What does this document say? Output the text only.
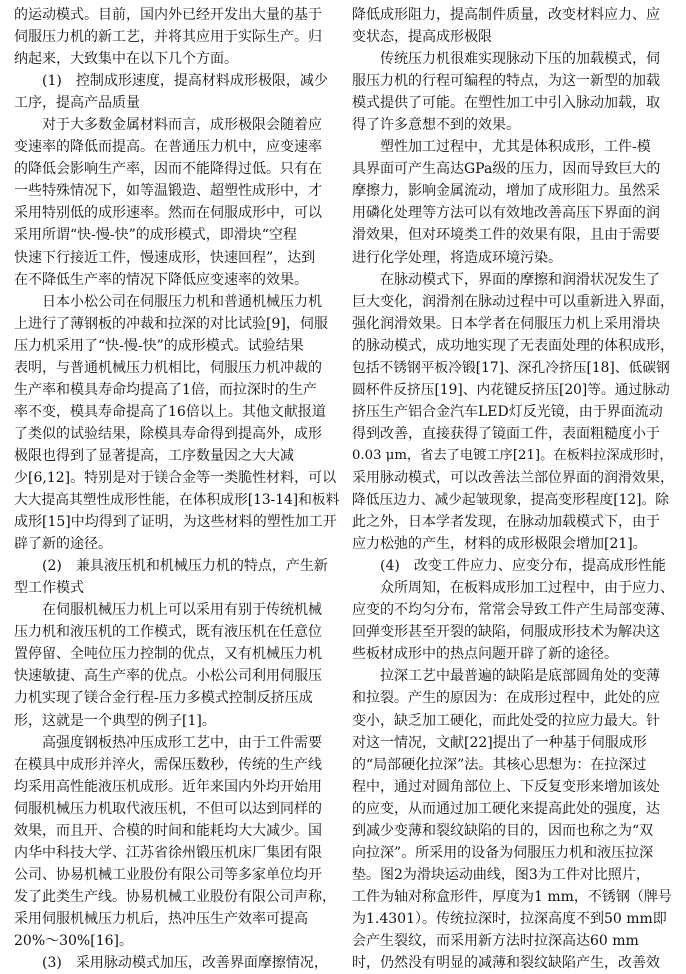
的运动模式。目前，国内外已经开发出大量的基于
伺服压力机的新工艺，并将其应用于实际生产。归
纳起来，大致集中在以下几个方面。
　　(1)　控制成形速度，提高材料成形极限，减少
工序，提高产品质量
　　对于大多数金属材料而言，成形极限会随着应
变速率的降低而提高。在普通压力机中，应变速率
的降低会影响生产率，因而不能降得过低。只有在
一些特殊情况下，如等温锻造、超塑性成形中，才
采用特别低的成形速率。然而在伺服成形中，可以
采用所谓“快-慢-快”的成形模式，即滑块“空程
快速下行接近工件，慢速成形，快速回程”，达到
在不降低生产率的情况下降低应变速率的效果。
　　日本小松公司在伺服压力机和普通机械压力机
上进行了薄钢板的冲裁和拉深的对比试验[9]，伺服
压力机采用了“快-慢-快”的成形模式。试验结果
表明，与普通机械压力机相比，伺服压力机冲裁的
生产率和模具寿命均提高了1倍，而拉深时的生产
率不变，模具寿命提高了16倍以上。其他文献报道
了类似的试验结果，除模具寿命得到提高外，成形
极限也得到了显著提高，工序数量因之大大减
少[6,12]。特别是对于镁合金等一类脆性材料，可以
大大提高其塑性成形性能，在体积成形[13-14]和板料
成形[15]中均得到了证明，为这些材料的塑性加工开
辟了新的途径。
　　(2)　兼具液压机和机械压力机的特点，产生新
型工作模式
　　在伺服机械压力机上可以采用有别于传统机械
压力机和液压机的工作模式，既有液压机在任意位
置停留、全吨位压力控制的优点，又有机械压力机
快速敏捷、高生产率的优点。小松公司利用伺服压
力机实现了镁合金行程-压力多模式控制反挤压成
形，这就是一个典型的例子[1]。
　　高强度钢板热冲压成形工艺中，由于工件需要
在模具中成形并淬火，需保压数秒，传统的生产线
均采用高性能液压机成形。近年来国内外均开始用
伺服机械压力机取代液压机，不但可以达到同样的
效果，而且开、合模的时间和能耗均大大减少。国
内华中科技大学、江苏省徐州锻压机床厂集团有限
公司、协易机械工业股份有限公司等多家单位均开
发了此类生产线。协易机械工业股份有限公司声称，
采用伺服机械压力机后，热冲压生产效率可提高
20%～30%[16]。
　　(3)　采用脉动模式加压，改善界面摩擦情况，
降低成形阻力，提高制件质量，改变材料应力、应
变状态，提高成形极限
　　传统压力机很难实现脉动下压的加载模式，伺
服压力机的行程可编程的特点，为这一新型的加载
模式提供了可能。在塑性加工中引入脉动加载，取
得了许多意想不到的效果。
　　塑性加工过程中，尤其是体积成形，工件-模
具界面可产生高达GPa级的压力，因而导致巨大的
摩擦力，影响金属流动，增加了成形阻力。虽然采
用磷化处理等方法可以有效地改善高压下界面的润
滑效果，但对环境类工件的效果有限，且由于需要
进行化学处理，将造成环境污染。
　　在脉动模式下，界面的摩擦和润滑状况发生了
巨大变化，润滑剂在脉动过程中可以重新进入界面，
强化润滑效果。日本学者在伺服压力机上采用滑块
的脉动模式，成功地实现了无表面处理的体积成形，
包括不锈钢平板冷锻[17]、深孔冷挤压[18]、低碳钢
圆杯件反挤压[19]、内花键反挤压[20]等。通过脉动
挤压生产铝合金汽车LED灯反光镜，由于界面流动
得到改善，直接获得了镜面工件，表面粗糙度小于
0.03 μm，省去了电镀工序[21]。在板料拉深成形时，
采用脉动模式，可以改善法兰部位界面的润滑效果，
降低压边力、减少起皱现象，提高变形程度[12]。除
此之外，日本学者发现，在脉动加载模式下，由于
应力松弛的产生，材料的成形极限会增加[21]。
　　(4)　改变工件应力、应变分布，提高成形性能
　　众所周知，在板料成形加工过程中，由于应力、
应变的不均匀分布，常常会导致工件产生局部变薄、
回弹变形甚至开裂的缺陷，伺服成形技术为解决这
些板材成形中的热点问题开辟了新的途径。
　　拉深工艺中最普遍的缺陷是底部圆角处的变薄
和拉裂。产生的原因为：在成形过程中，此处的应
变小，缺乏加工硬化，而此处受的拉应力最大。针
对这一情况，文献[22]提出了一种基于伺服成形
的“局部硬化拉深”法。其核心思想为：在拉深过
程中，通过对圆角部位上、下反复变形来增加该处
的应变，从而通过加工硬化来提高此处的强度，达
到减少变薄和裂纹缺陷的目的，因而也称之为“双
向拉深”。所采用的设备为伺服压力机和液压拉深
垫。图2为滑块运动曲线，图3为工件对比照片，
工件为轴对称盒形件，厚度为1 mm，不锈钢（牌号
为1.4301）。传统拉深时，拉深高度不到50 mm即
会产生裂纹，而采用新方法时拉深高达60 mm
时，仍然没有明显的减薄和裂纹缺陷产生，改善效
